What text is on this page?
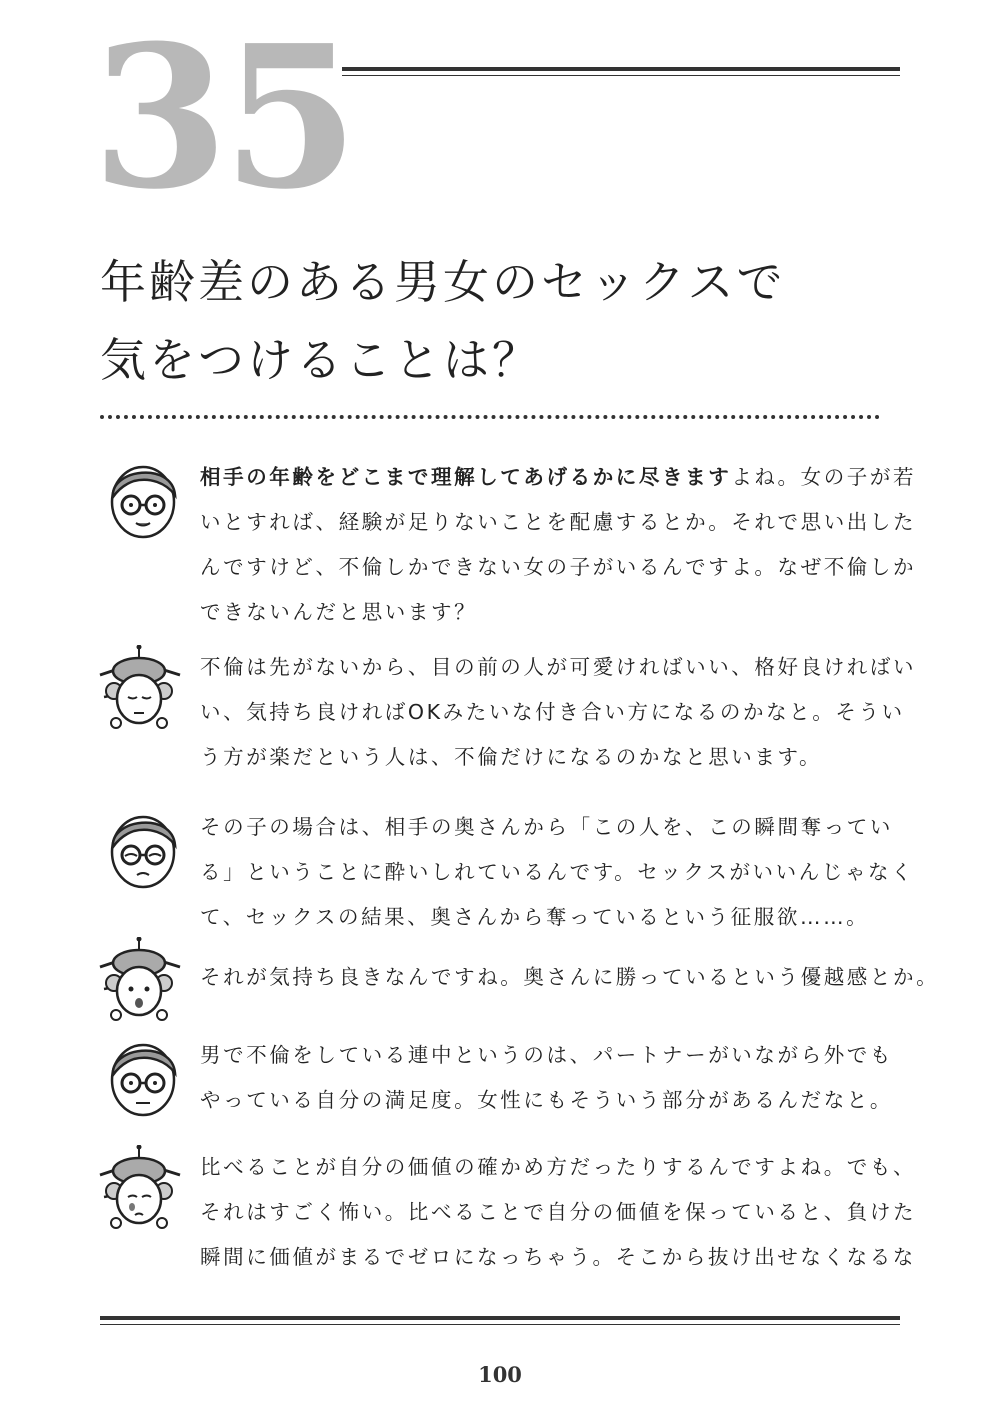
35
年齢差のある男女のセックスで
気をつけることは？
相手の年齢をどこまで理解してあげるかに尽きますよね。女の子が若
いとすれば、経験が足りないことを配慮するとか。それで思い出した
んですけど、不倫しかできない女の子がいるんですよ。なぜ不倫しか
できないんだと思います？
不倫は先がないから、目の前の人が可愛ければいい、格好良ければい
い、気持ち良ければOKみたいな付き合い方になるのかなと。そうい
う方が楽だという人は、不倫だけになるのかなと思います。
その子の場合は、相手の奥さんから「この人を、この瞬間奪ってい
る」ということに酔いしれているんです。セックスがいいんじゃなく
て、セックスの結果、奥さんから奪っているという征服欲……。
それが気持ち良きなんですね。奥さんに勝っているという優越感とか。
男で不倫をしている連中というのは、パートナーがいながら外でも
やっている自分の満足度。女性にもそういう部分があるんだなと。
比べることが自分の価値の確かめ方だったりするんですよね。でも、
それはすごく怖い。比べることで自分の価値を保っていると、負けた
瞬間に価値がまるでゼロになっちゃう。そこから抜け出せなくなるな
100
